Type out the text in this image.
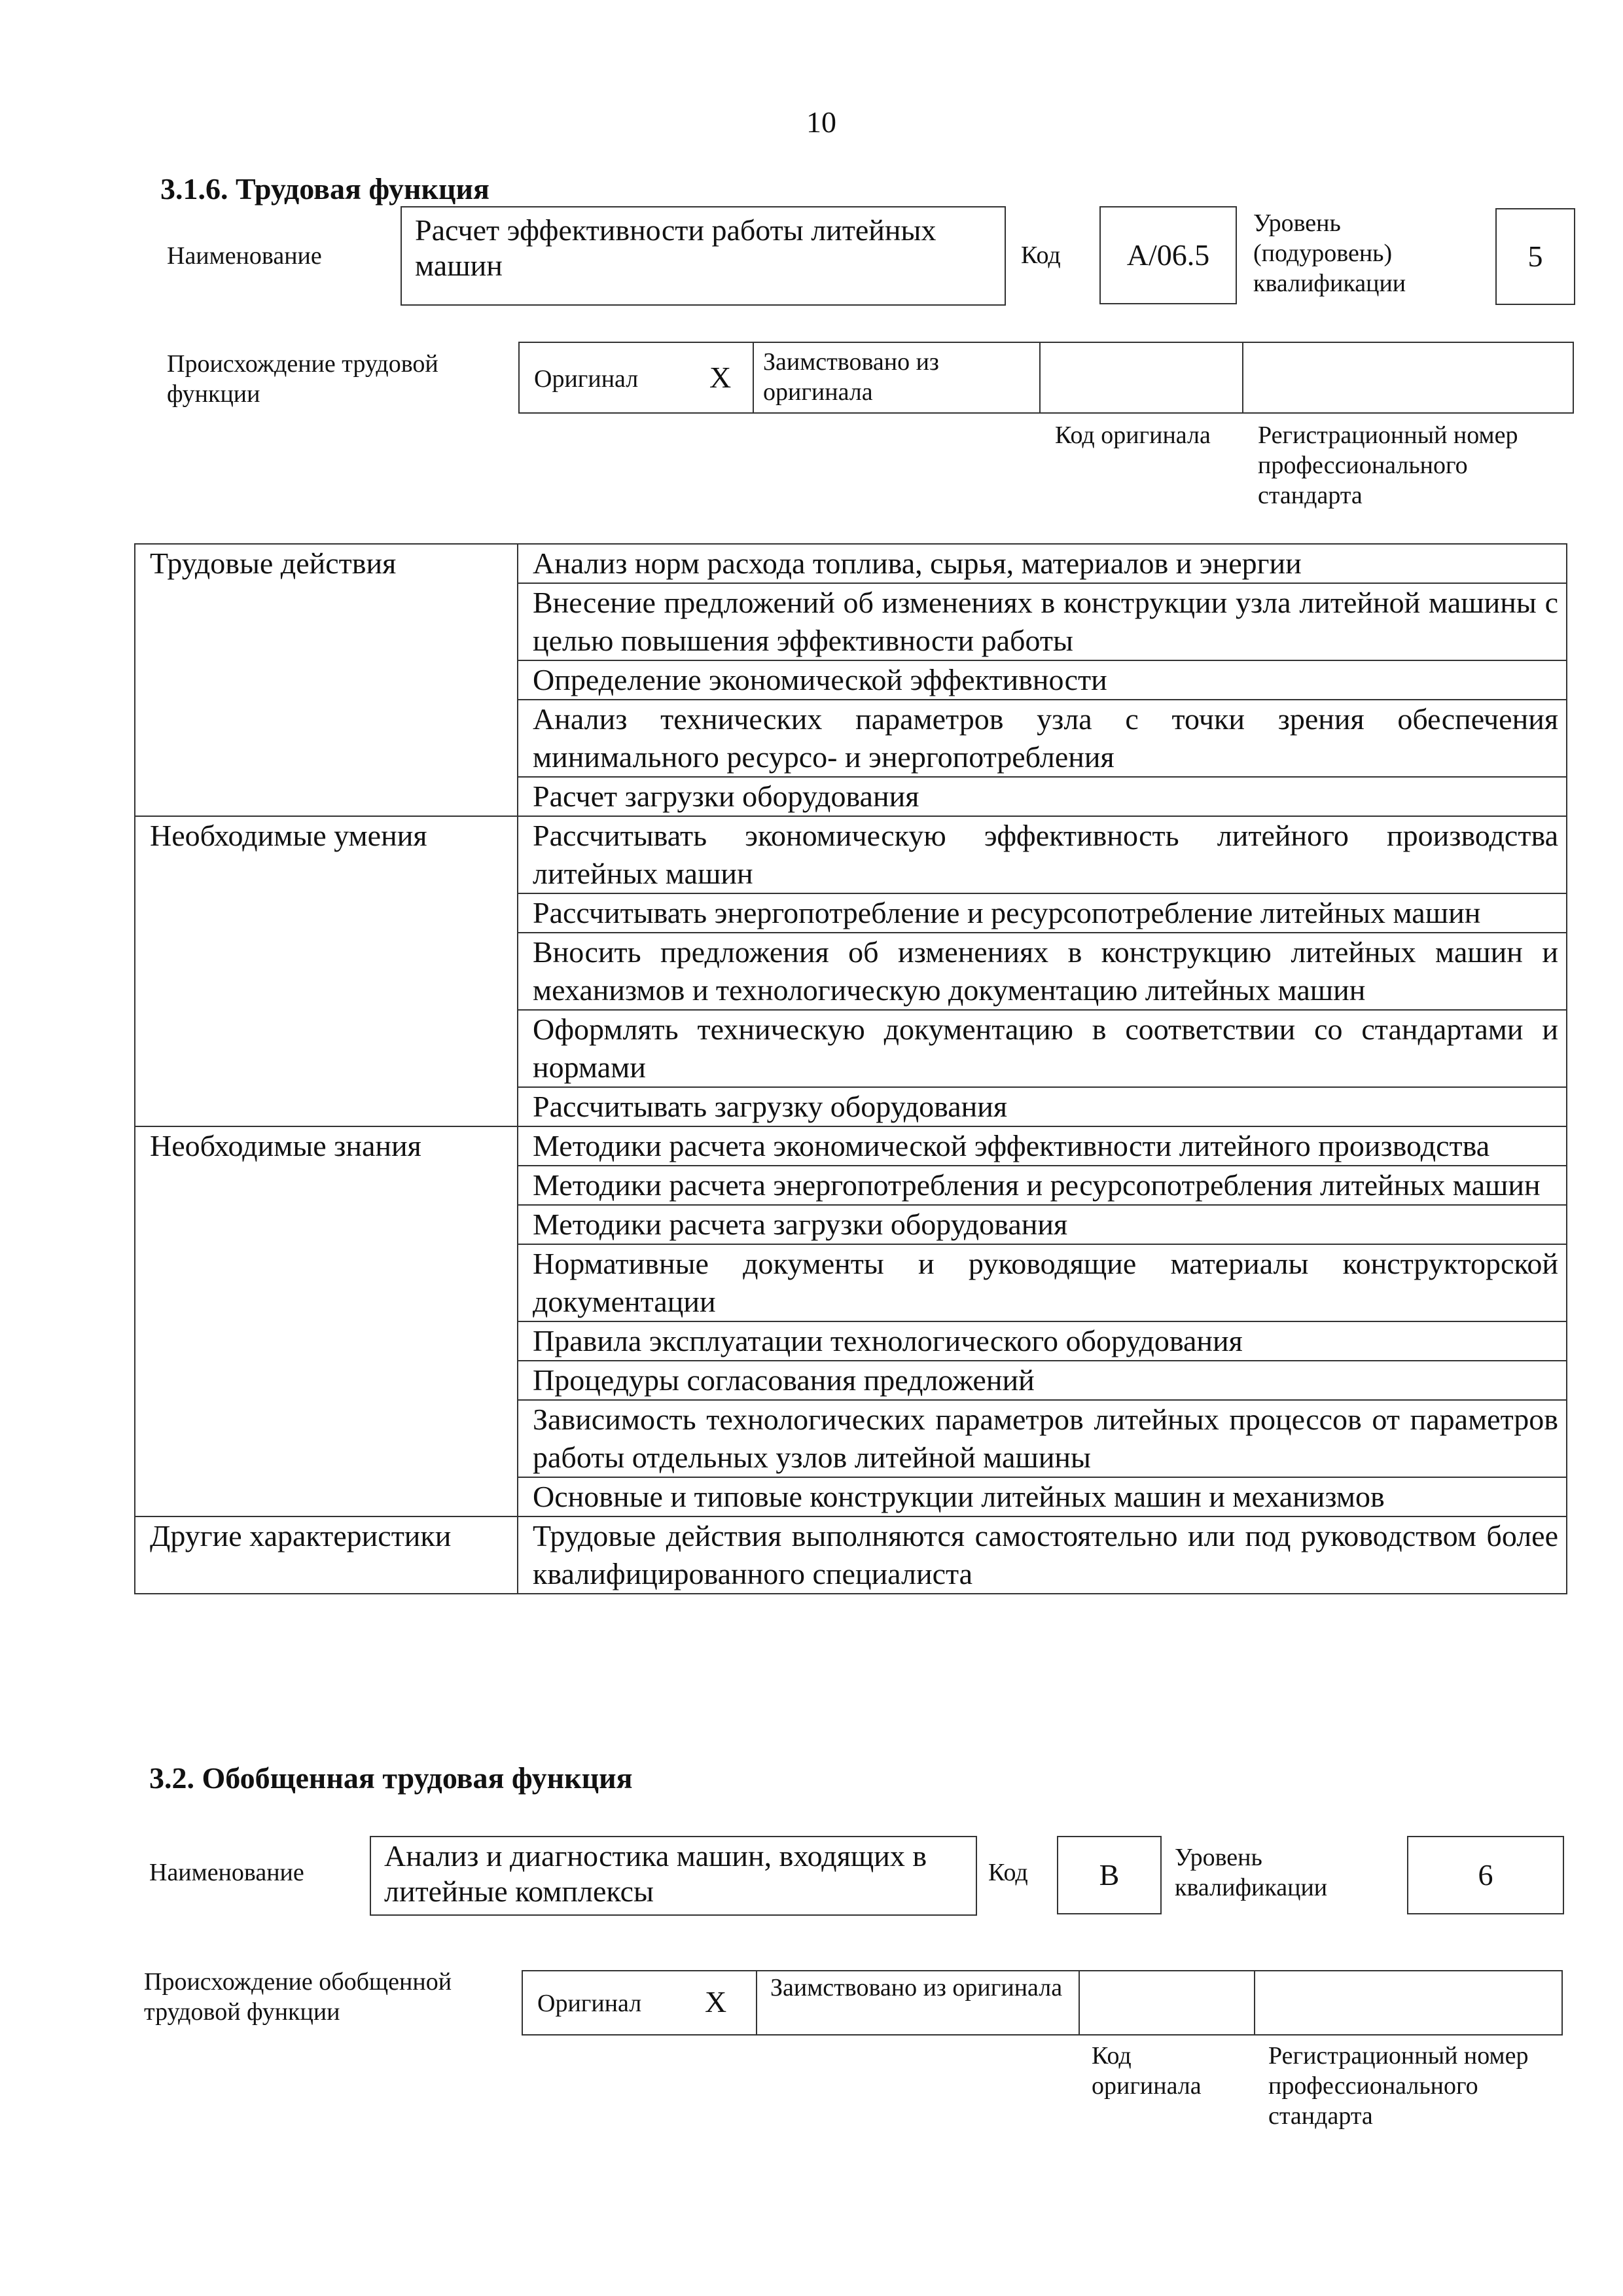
10
3.1.6. Трудовая функция
Наименование
Расчет эффективности работы литейных машин	Код A/06.5
Уровень (подуровень) квалификации
5
Происхождение трудовой функции
Оригинал X	Заимствовано из оригинала
Код оригинала Регистрационный номер профессионального стандарта
Трудовые действия	Анализ норм расхода топлива, сырья, материалов и энергии
	Внесение предложений об изменениях в конструкции узла литейной машины с целью повышения эффективности работы
	Определение экономической эффективности
	Анализ технических параметров узла с точки зрения обеспечения минимального ресурсо- и энергопотребления
	Расчет загрузки оборудования
Необходимые умения	Рассчитывать экономическую эффективность литейного производства литейных машин
	Рассчитывать энергопотребление и ресурсопотребление литейных машин
	Вносить предложения об изменениях в конструкцию литейных машин и механизмов и технологическую документацию литейных машин
	Оформлять техническую документацию в соответствии со стандартами и нормами
	Рассчитывать загрузку оборудования
Необходимые знания	Методики расчета экономической эффективности литейного производства
	Методики расчета энергопотребления и ресурсопотребления литейных машин
	Методики расчета загрузки оборудования
	Нормативные документы и руководящие материалы конструкторской документации
	Правила эксплуатации технологического оборудования
	Процедуры согласования предложений
	Зависимость технологических параметров литейных процессов от параметров работы отдельных узлов литейной машины
	Основные и типовые конструкции литейных машин и механизмов
Другие характеристики	Трудовые действия выполняются самостоятельно или под руководством более квалифицированного специалиста
3.2. Обобщенная трудовая функция
Наименование	Анализ и диагностика машин, входящих в литейные комплексы
Код B
Уровень квалификации	6
Происхождение обобщенной трудовой функции	Оригинал X	Заимствовано из оригинала
Код оригинала
Регистрационный номер профессионального стандарта
